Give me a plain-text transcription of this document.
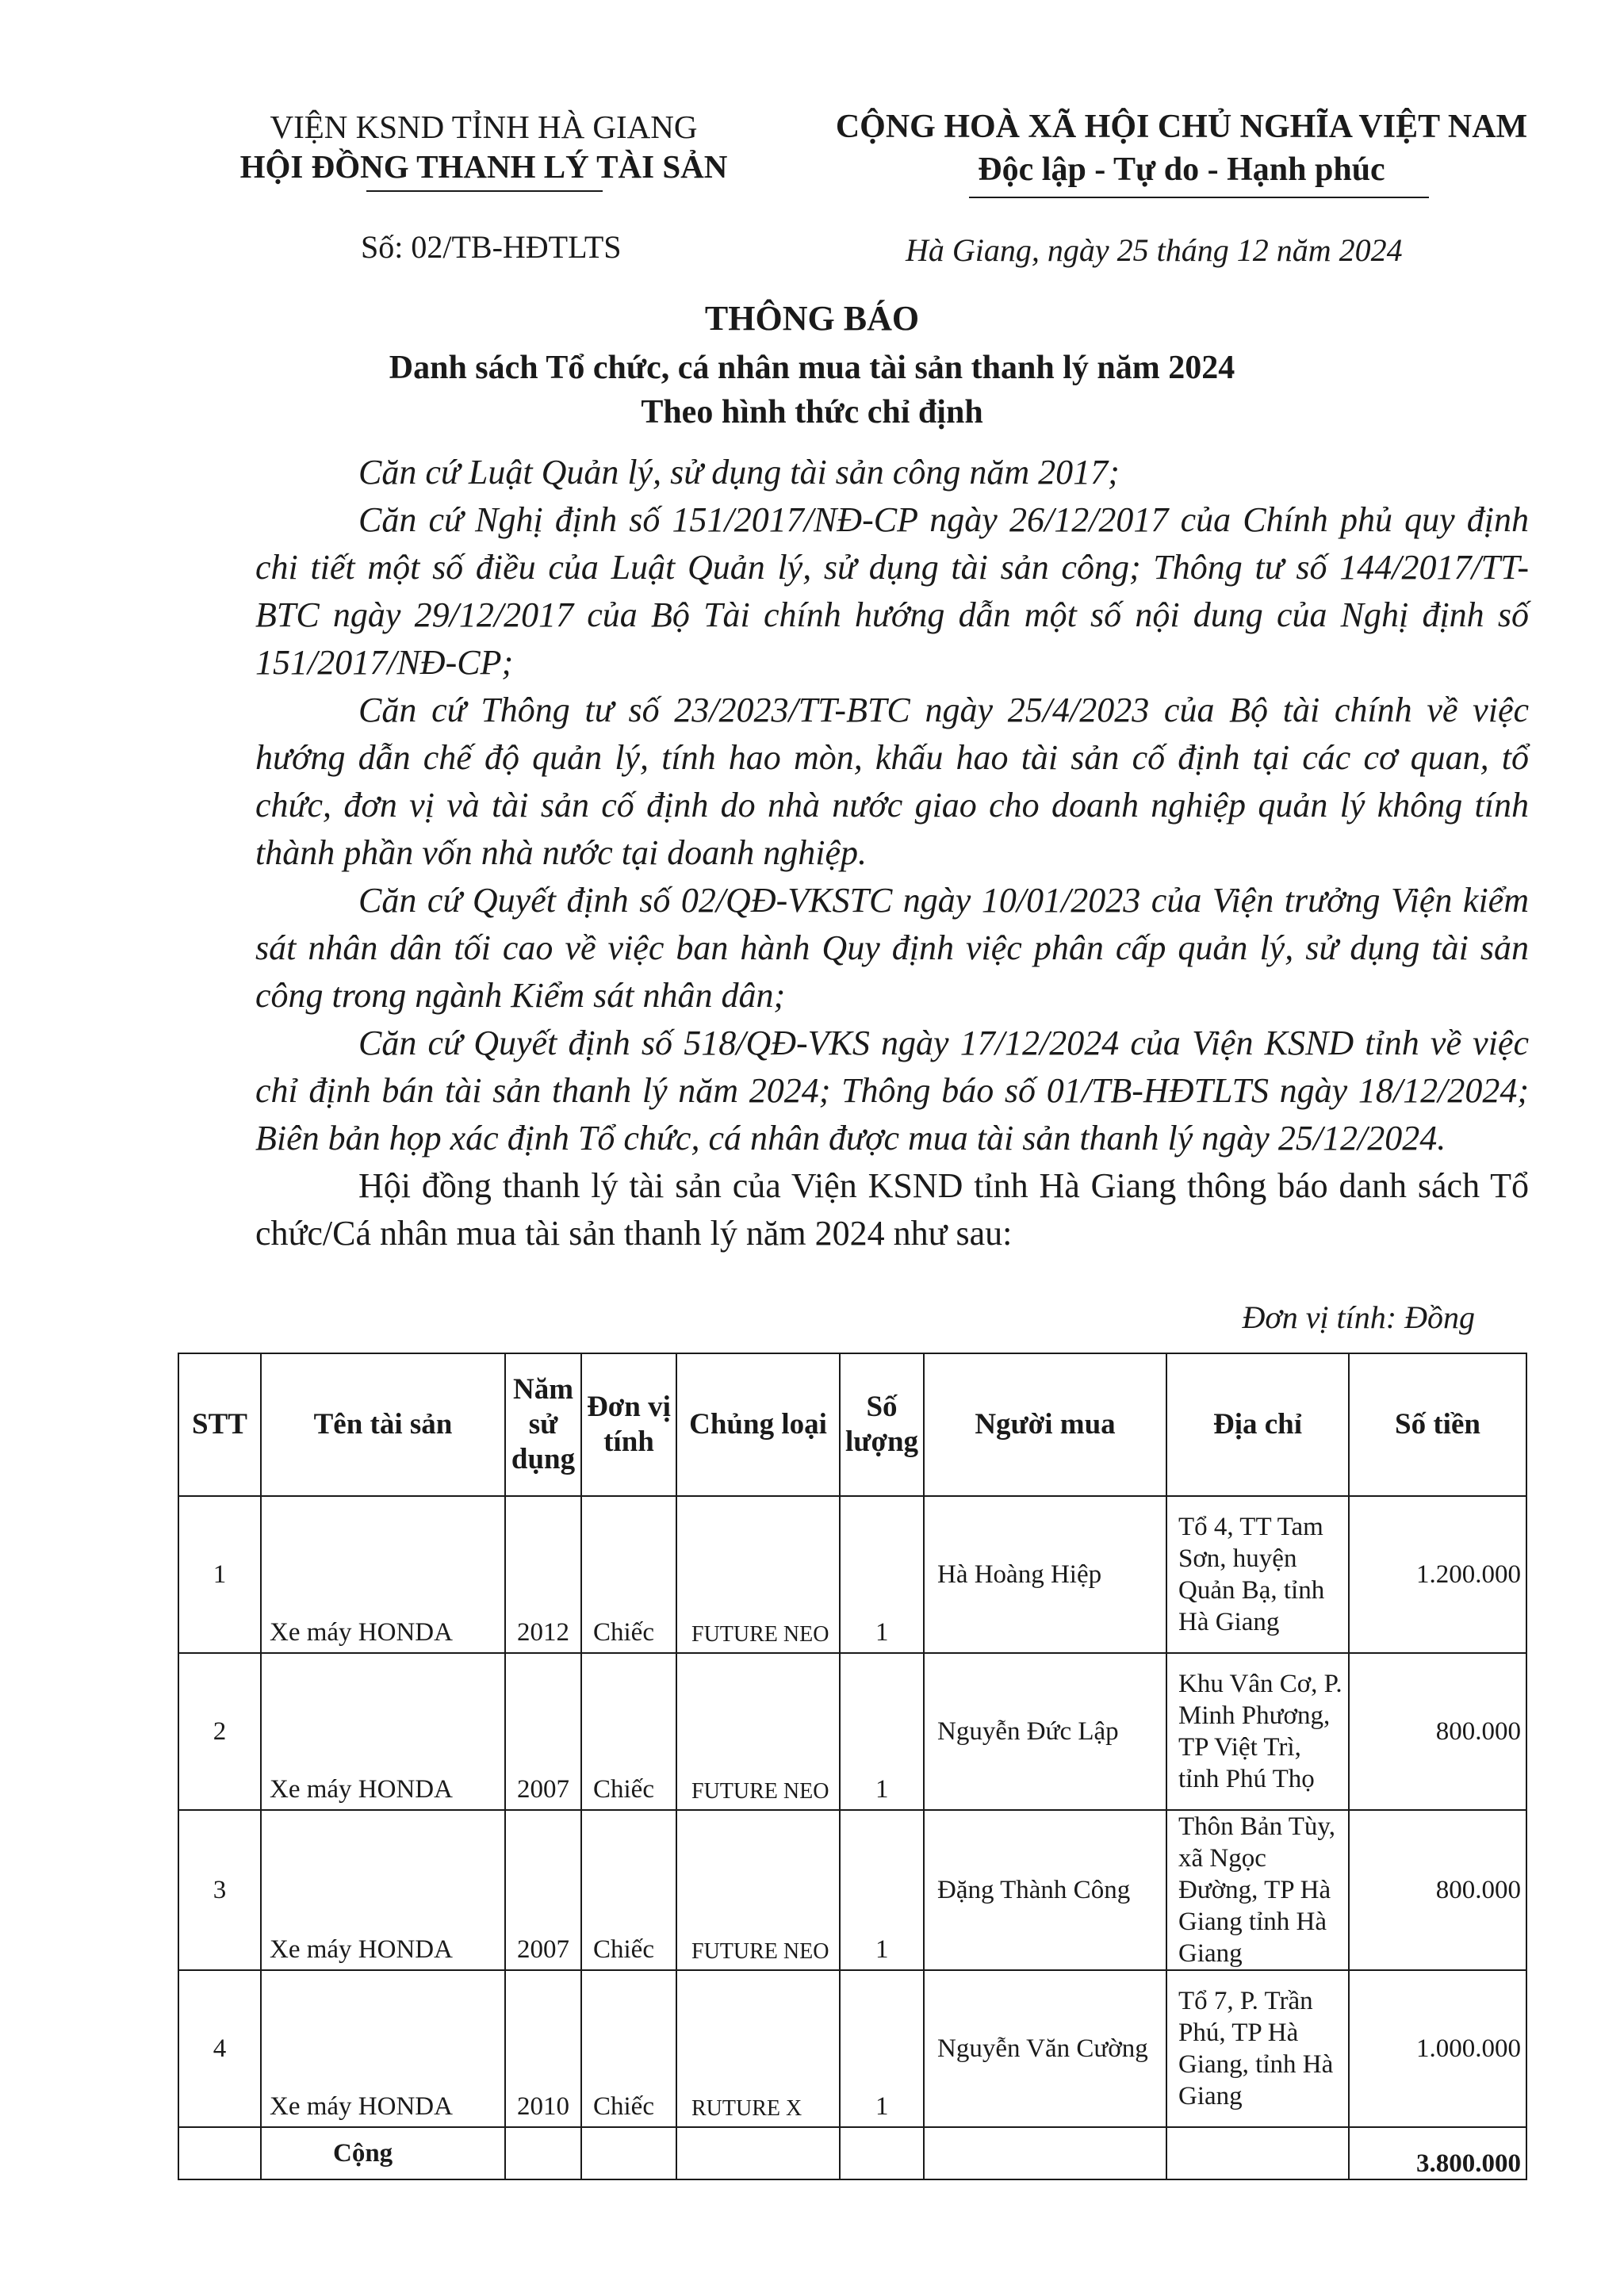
VIỆN KSND TỈNH HÀ GIANG
HỘI ĐỒNG THANH LÝ TÀI SẢN
CỘNG HOÀ XÃ HỘI CHỦ NGHĨA VIỆT NAM
Độc lập - Tự do - Hạnh phúc
Số: 02/TB-HĐTLTS	Hà Giang, ngày 25 tháng 12 năm 2024
THÔNG BÁO
Danh sách Tổ chức, cá nhân mua tài sản thanh lý năm 2024
Theo hình thức chỉ định

Căn cứ Luật Quản lý, sử dụng tài sản công năm 2017;

Căn cứ Nghị định số 151/2017/NĐ-CP ngày 26/12/2017 của Chính phủ quy định chi tiết một số điều của Luật Quản lý, sử dụng tài sản công; Thông tư số 144/2017/TT-BTC ngày 29/12/2017 của Bộ Tài chính hướng dẫn một số nội dung của Nghị định số 151/2017/NĐ-CP;

Căn cứ Thông tư số 23/2023/TT-BTC ngày 25/4/2023 của Bộ tài chính về việc hướng dẫn chế độ quản lý, tính hao mòn, khấu hao tài sản cố định tại các cơ quan, tổ chức, đơn vị và tài sản cố định do nhà nước giao cho doanh nghiệp quản lý không tính thành phần vốn nhà nước tại doanh nghiệp.

Căn cứ Quyết định số 02/QĐ-VKSTC ngày 10/01/2023 của Viện trưởng Viện kiểm sát nhân dân tối cao về việc ban hành Quy định việc phân cấp quản lý, sử dụng tài sản công trong ngành Kiểm sát nhân dân;

Căn cứ Quyết định số 518/QĐ-VKS ngày 17/12/2024 của Viện KSND tỉnh về việc chỉ định bán tài sản thanh lý năm 2024; Thông báo số 01/TB-HĐTLTS ngày 18/12/2024; Biên bản họp xác định Tổ chức, cá nhân được mua tài sản thanh lý ngày 25/12/2024.

Hội đồng thanh lý tài sản của Viện KSND tỉnh Hà Giang thông báo danh sách Tổ chức/Cá nhân mua tài sản thanh lý năm 2024 như sau:

Đơn vị tính: Đồng
STT	Tên tài sản	Năm sử dụng	Đơn vị tính	Chủng loại	Số lượng	Người mua	Địa chỉ	Số tiền
1	Xe máy HONDA	2012	Chiếc	FUTURE NEO	1	Hà Hoàng Hiệp	Tổ 4, TT Tam Sơn, huyện Quản Bạ, tỉnh Hà Giang	1.200.000
2	Xe máy HONDA	2007	Chiếc	FUTURE NEO	1	Nguyễn Đức Lập	Khu Vân Cơ, P. Minh Phương, TP Việt Trì, tỉnh Phú Thọ	800.000
3	Xe máy HONDA	2007	Chiếc	FUTURE NEO	1	Đặng Thành Công	Thôn Bản Tùy, xã Ngọc Đường, TP Hà Giang tỉnh Hà Giang	800.000
4	Xe máy HONDA	2010	Chiếc	RUTURE X	1	Nguyễn Văn Cường	Tổ 7, P. Trần Phú, TP Hà Giang, tỉnh Hà Giang	1.000.000
	Cộng							3.800.000
